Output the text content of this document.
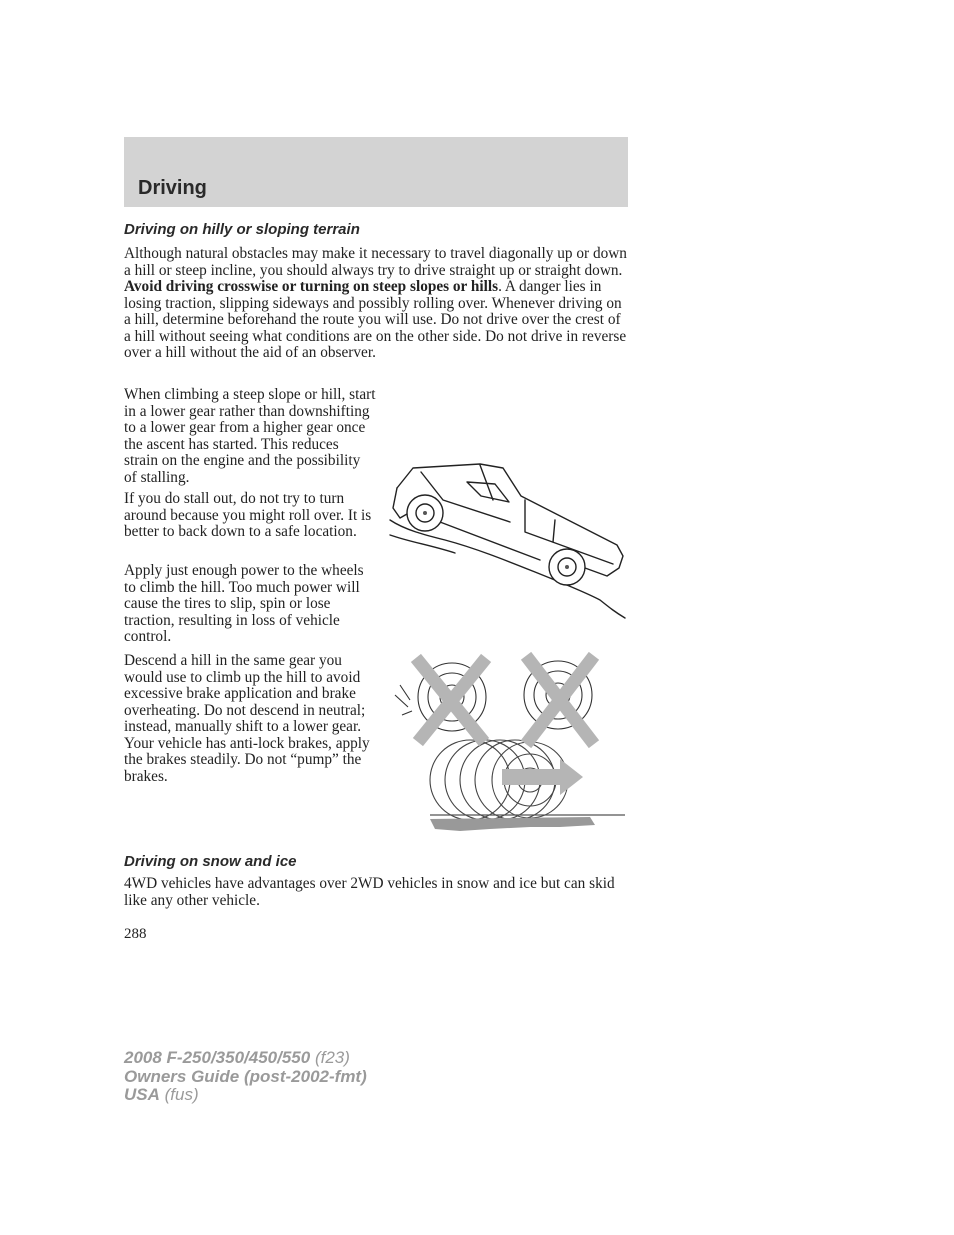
Driving
Driving on hilly or sloping terrain

Although natural obstacles may make it necessary to travel diagonally up or down a hill or steep incline, you should always try to drive straight up or straight down. Avoid driving crosswise or turning on steep slopes or hills. A danger lies in losing traction, slipping sideways and possibly rolling over. Whenever driving on a hill, determine beforehand the route you will use. Do not drive over the crest of a hill without seeing what conditions are on the other side. Do not drive in reverse over a hill without the aid of an observer.

When climbing a steep slope or hill, start in a lower gear rather than downshifting to a lower gear from a higher gear once the ascent has started. This reduces strain on the engine and the possibility of stalling.

If you do stall out, do not try to turn around because you might roll over. It is better to back down to a safe location.

Apply just enough power to the wheels to climb the hill. Too much power will cause the tires to slip, spin or lose traction, resulting in loss of vehicle control.

Descend a hill in the same gear you would use to climb up the hill to avoid excessive brake application and brake overheating. Do not descend in neutral; instead, manually shift to a lower gear. Your vehicle has anti-lock brakes, apply the brakes steadily. Do not “pump” the brakes.

Driving on snow and ice

4WD vehicles have advantages over 2WD vehicles in snow and ice but can skid like any other vehicle.

288

2008 F-250/350/450/550 (f23)
Owners Guide (post-2002-fmt)
USA (fus)
